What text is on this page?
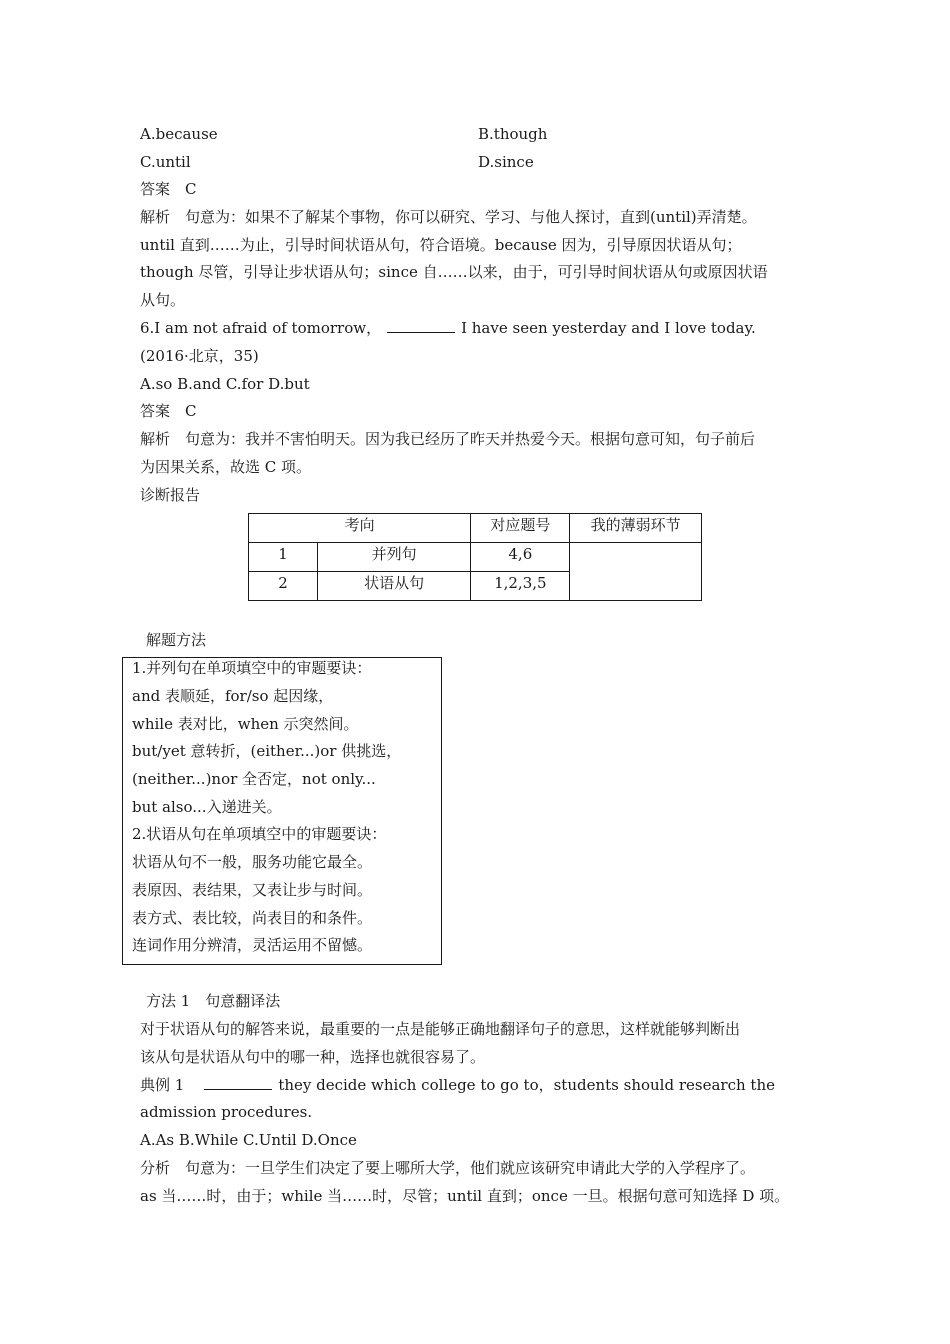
A.because	B.though
C.until	D.since
答案　C
解析　句意为：如果不了解某个事物，你可以研究、学习、与他人探讨，直到(until)弄清楚。
until 直到……为止，引导时间状语从句，符合语境。because 因为，引导原因状语从句；
though 尽管，引导让步状语从句；since 自……以来，由于，可引导时间状语从句或原因状语
从句。
6.I am not afraid of tomorrow，	I have seen yesterday and I love today.
(2016·北京，35)
A.so B.and C.for D.but
答案　C
解析　句意为：我并不害怕明天。因为我已经历了昨天并热爱今天。根据句意可知，句子前后
为因果关系，故选 C 项。
诊断报告
考向		对应题号	我的薄弱环节
1	并列句	4,6	
2	状语从句	1,2,3,5	
解题方法
1.并列句在单项填空中的审题要诀：
and 表顺延，for/so 起因缘，
while 表对比，when 示突然间。
but/yet 意转折，(either...)or 供挑选，
(neither...)nor 全否定，not only...
but also...入递进关。
2.状语从句在单项填空中的审题要诀：
状语从句不一般，服务功能它最全。
表原因、表结果，又表让步与时间。
表方式、表比较，尚表目的和条件。
连词作用分辨清，灵活运用不留憾。
方法 1　句意翻译法
对于状语从句的解答来说，最重要的一点是能够正确地翻译句子的意思，这样就能够判断出
该从句是状语从句中的哪一种，选择也就很容易了。
典例 1	they decide which college to go to，students should research the
admission procedures.
A.As B.While C.Until D.Once
分析　句意为：一旦学生们决定了要上哪所大学，他们就应该研究申请此大学的入学程序了。
as 当……时，由于；while 当……时，尽管；until 直到；once 一旦。根据句意可知选择 D 项。
